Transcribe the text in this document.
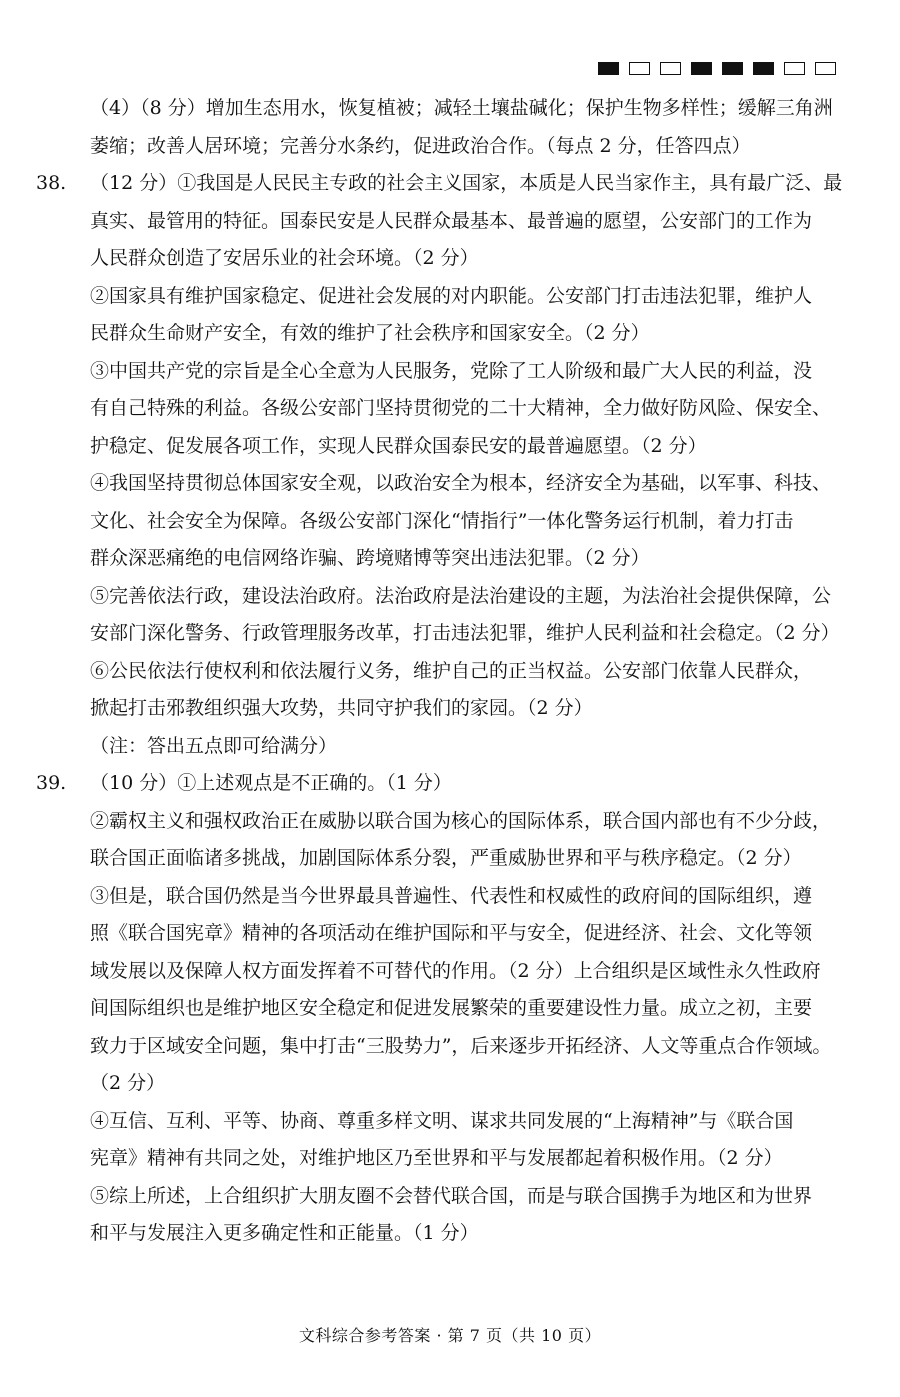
（4）（8 分）增加生态用水，恢复植被；减轻土壤盐碱化；保护生物多样性；缓解三角洲
萎缩；改善人居环境；完善分水条约，促进政治合作。（每点 2 分，任答四点）
38. （12 分）①我国是人民民主专政的社会主义国家，本质是人民当家作主，具有最广泛、最
真实、最管用的特征。国泰民安是人民群众最基本、最普遍的愿望，公安部门的工作为
人民群众创造了安居乐业的社会环境。（2 分）
②国家具有维护国家稳定、促进社会发展的对内职能。公安部门打击违法犯罪，维护人
民群众生命财产安全，有效的维护了社会秩序和国家安全。（2 分）
③中国共产党的宗旨是全心全意为人民服务，党除了工人阶级和最广大人民的利益，没
有自己特殊的利益。各级公安部门坚持贯彻党的二十大精神，全力做好防风险、保安全、
护稳定、促发展各项工作，实现人民群众国泰民安的最普遍愿望。（2 分）
④我国坚持贯彻总体国家安全观，以政治安全为根本，经济安全为基础，以军事、科技、
文化、社会安全为保障。各级公安部门深化“情指行”一体化警务运行机制，着力打击
群众深恶痛绝的电信网络诈骗、跨境赌博等突出违法犯罪。（2 分）
⑤完善依法行政，建设法治政府。法治政府是法治建设的主题，为法治社会提供保障，公
安部门深化警务、行政管理服务改革，打击违法犯罪，维护人民利益和社会稳定。（2 分）
⑥公民依法行使权利和依法履行义务，维护自己的正当权益。公安部门依靠人民群众，
掀起打击邪教组织强大攻势，共同守护我们的家园。（2 分）
（注：答出五点即可给满分）
39. （10 分）①上述观点是不正确的。（1 分）
②霸权主义和强权政治正在威胁以联合国为核心的国际体系，联合国内部也有不少分歧，
联合国正面临诸多挑战，加剧国际体系分裂，严重威胁世界和平与秩序稳定。（2 分）
③但是，联合国仍然是当今世界最具普遍性、代表性和权威性的政府间的国际组织，遵
照《联合国宪章》精神的各项活动在维护国际和平与安全，促进经济、社会、文化等领
域发展以及保障人权方面发挥着不可替代的作用。（2 分）上合组织是区域性永久性政府
间国际组织也是维护地区安全稳定和促进发展繁荣的重要建设性力量。成立之初，主要
致力于区域安全问题，集中打击“三股势力”，后来逐步开拓经济、人文等重点合作领域。
（2 分）
④互信、互利、平等、协商、尊重多样文明、谋求共同发展的“上海精神”与《联合国
宪章》精神有共同之处，对维护地区乃至世界和平与发展都起着积极作用。（2 分）
⑤综上所述，上合组织扩大朋友圈不会替代联合国，而是与联合国携手为地区和为世界
和平与发展注入更多确定性和正能量。（1 分）
文科综合参考答案 · 第 7 页（共 10 页）
